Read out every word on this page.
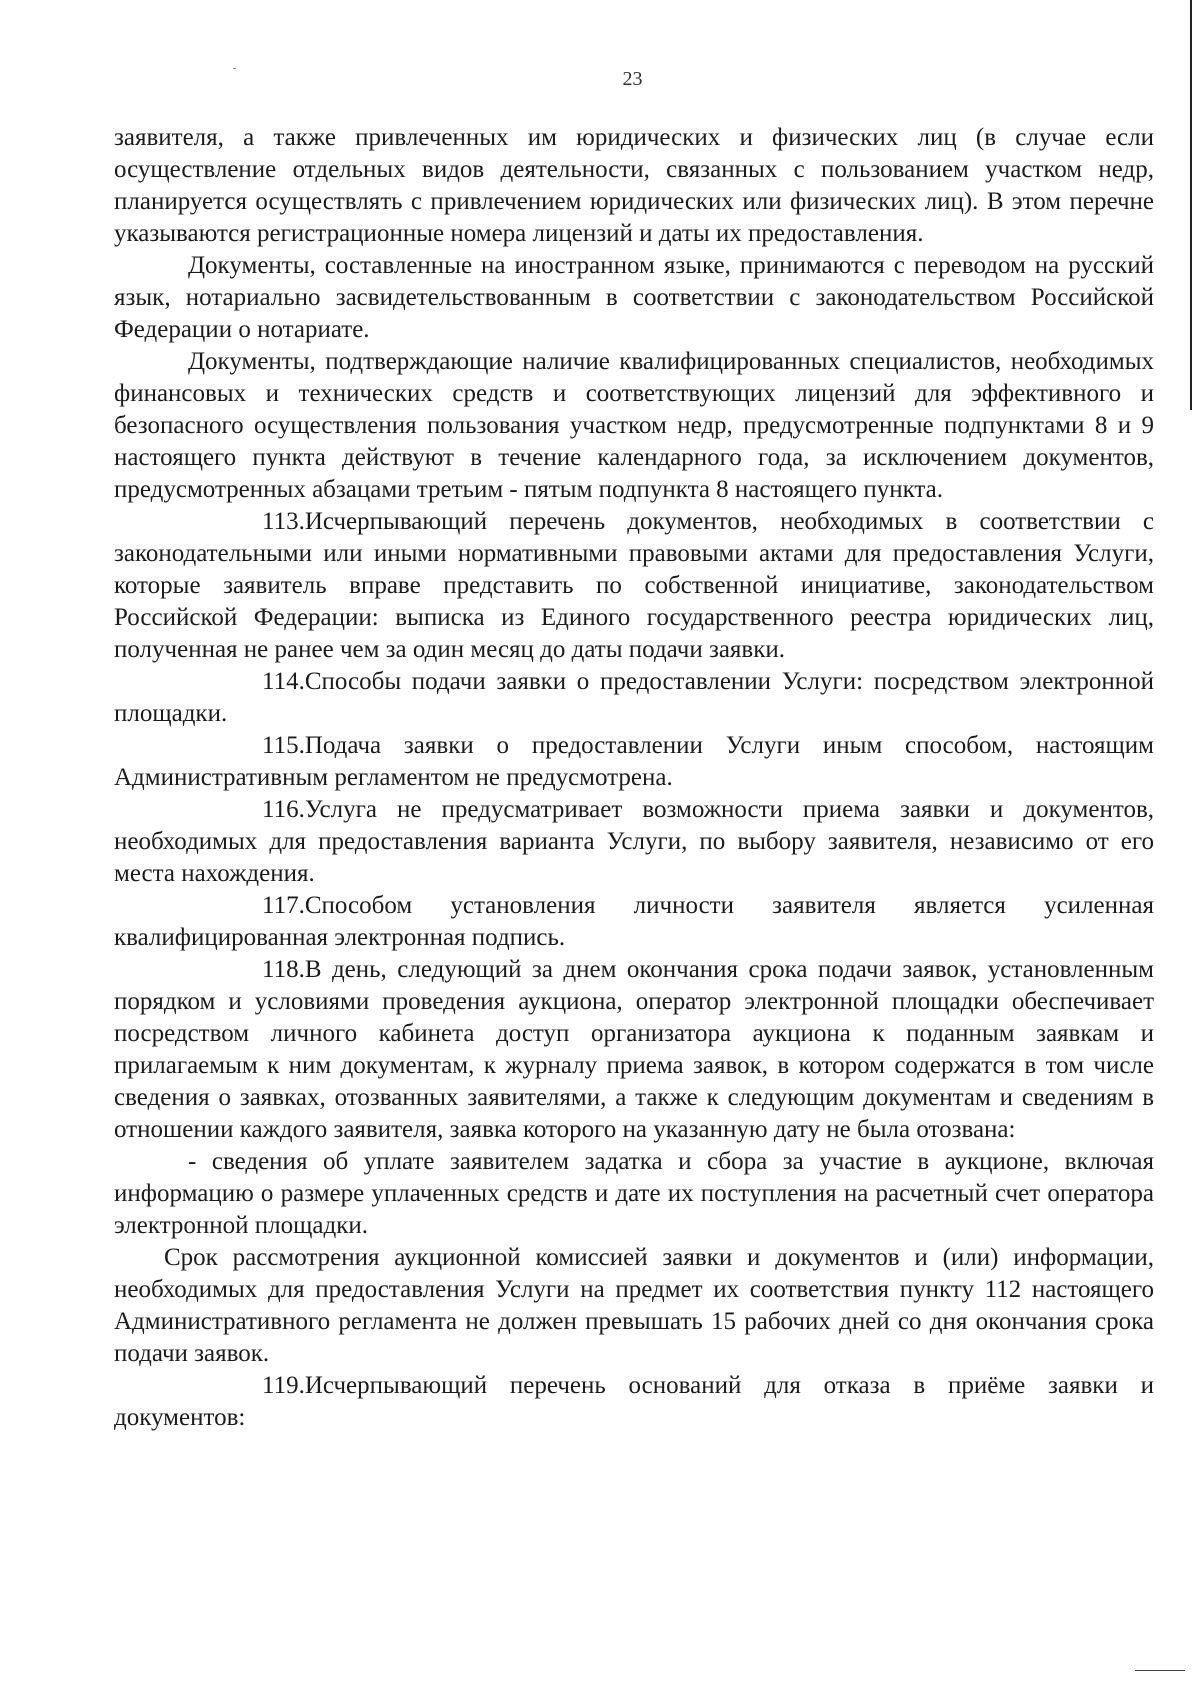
23

заявителя, а также привлеченных им юридических и физических лиц (в случае если осуществление отдельных видов деятельности, связанных с пользованием участком недр, планируется осуществлять с привлечением юридических или физических лиц). В этом перечне указываются регистрационные номера лицензий и даты их предоставления.

Документы, составленные на иностранном языке, принимаются с переводом на русский язык, нотариально засвидетельствованным в соответствии с законодательством Российской Федерации о нотариате.

Документы, подтверждающие наличие квалифицированных специалистов, необходимых финансовых и технических средств и соответствующих лицензий для эффективного и безопасного осуществления пользования участком недр, предусмотренные подпунктами 8 и 9 настоящего пункта действуют в течение календарного года, за исключением документов, предусмотренных абзацами третьим - пятым подпункта 8 настоящего пункта.

113.Исчерпывающий перечень документов, необходимых в соответствии с законодательными или иными нормативными правовыми актами для предоставления Услуги, которые заявитель вправе представить по собственной инициативе, законодательством Российской Федерации: выписка из Единого государственного реестра юридических лиц, полученная не ранее чем за один месяц до даты подачи заявки.

114.Способы подачи заявки о предоставлении Услуги: посредством электронной площадки.

115.Подача заявки о предоставлении Услуги иным способом, настоящим Административным регламентом не предусмотрена.

116.Услуга не предусматривает возможности приема заявки и документов, необходимых для предоставления варианта Услуги, по выбору заявителя, независимо от его места нахождения.

117.Способом установления личности заявителя является усиленная квалифицированная электронная подпись.

118.В день, следующий за днем окончания срока подачи заявок, установленным порядком и условиями проведения аукциона, оператор электронной площадки обеспечивает посредством личного кабинета доступ организатора аукциона к поданным заявкам и прилагаемым к ним документам, к журналу приема заявок, в котором содержатся в том числе сведения о заявках, отозванных заявителями, а также к следующим документам и сведениям в отношении каждого заявителя, заявка которого на указанную дату не была отозвана:

- сведения об уплате заявителем задатка и сбора за участие в аукционе, включая информацию о размере уплаченных средств и дате их поступления на расчетный счет оператора электронной площадки.

Срок рассмотрения аукционной комиссией заявки и документов и (или) информации, необходимых для предоставления Услуги на предмет их соответствия пункту 112 настоящего Административного регламента не должен превышать 15 рабочих дней со дня окончания срока подачи заявок.

119.Исчерпывающий перечень оснований для отказа в приёме заявки и документов:
